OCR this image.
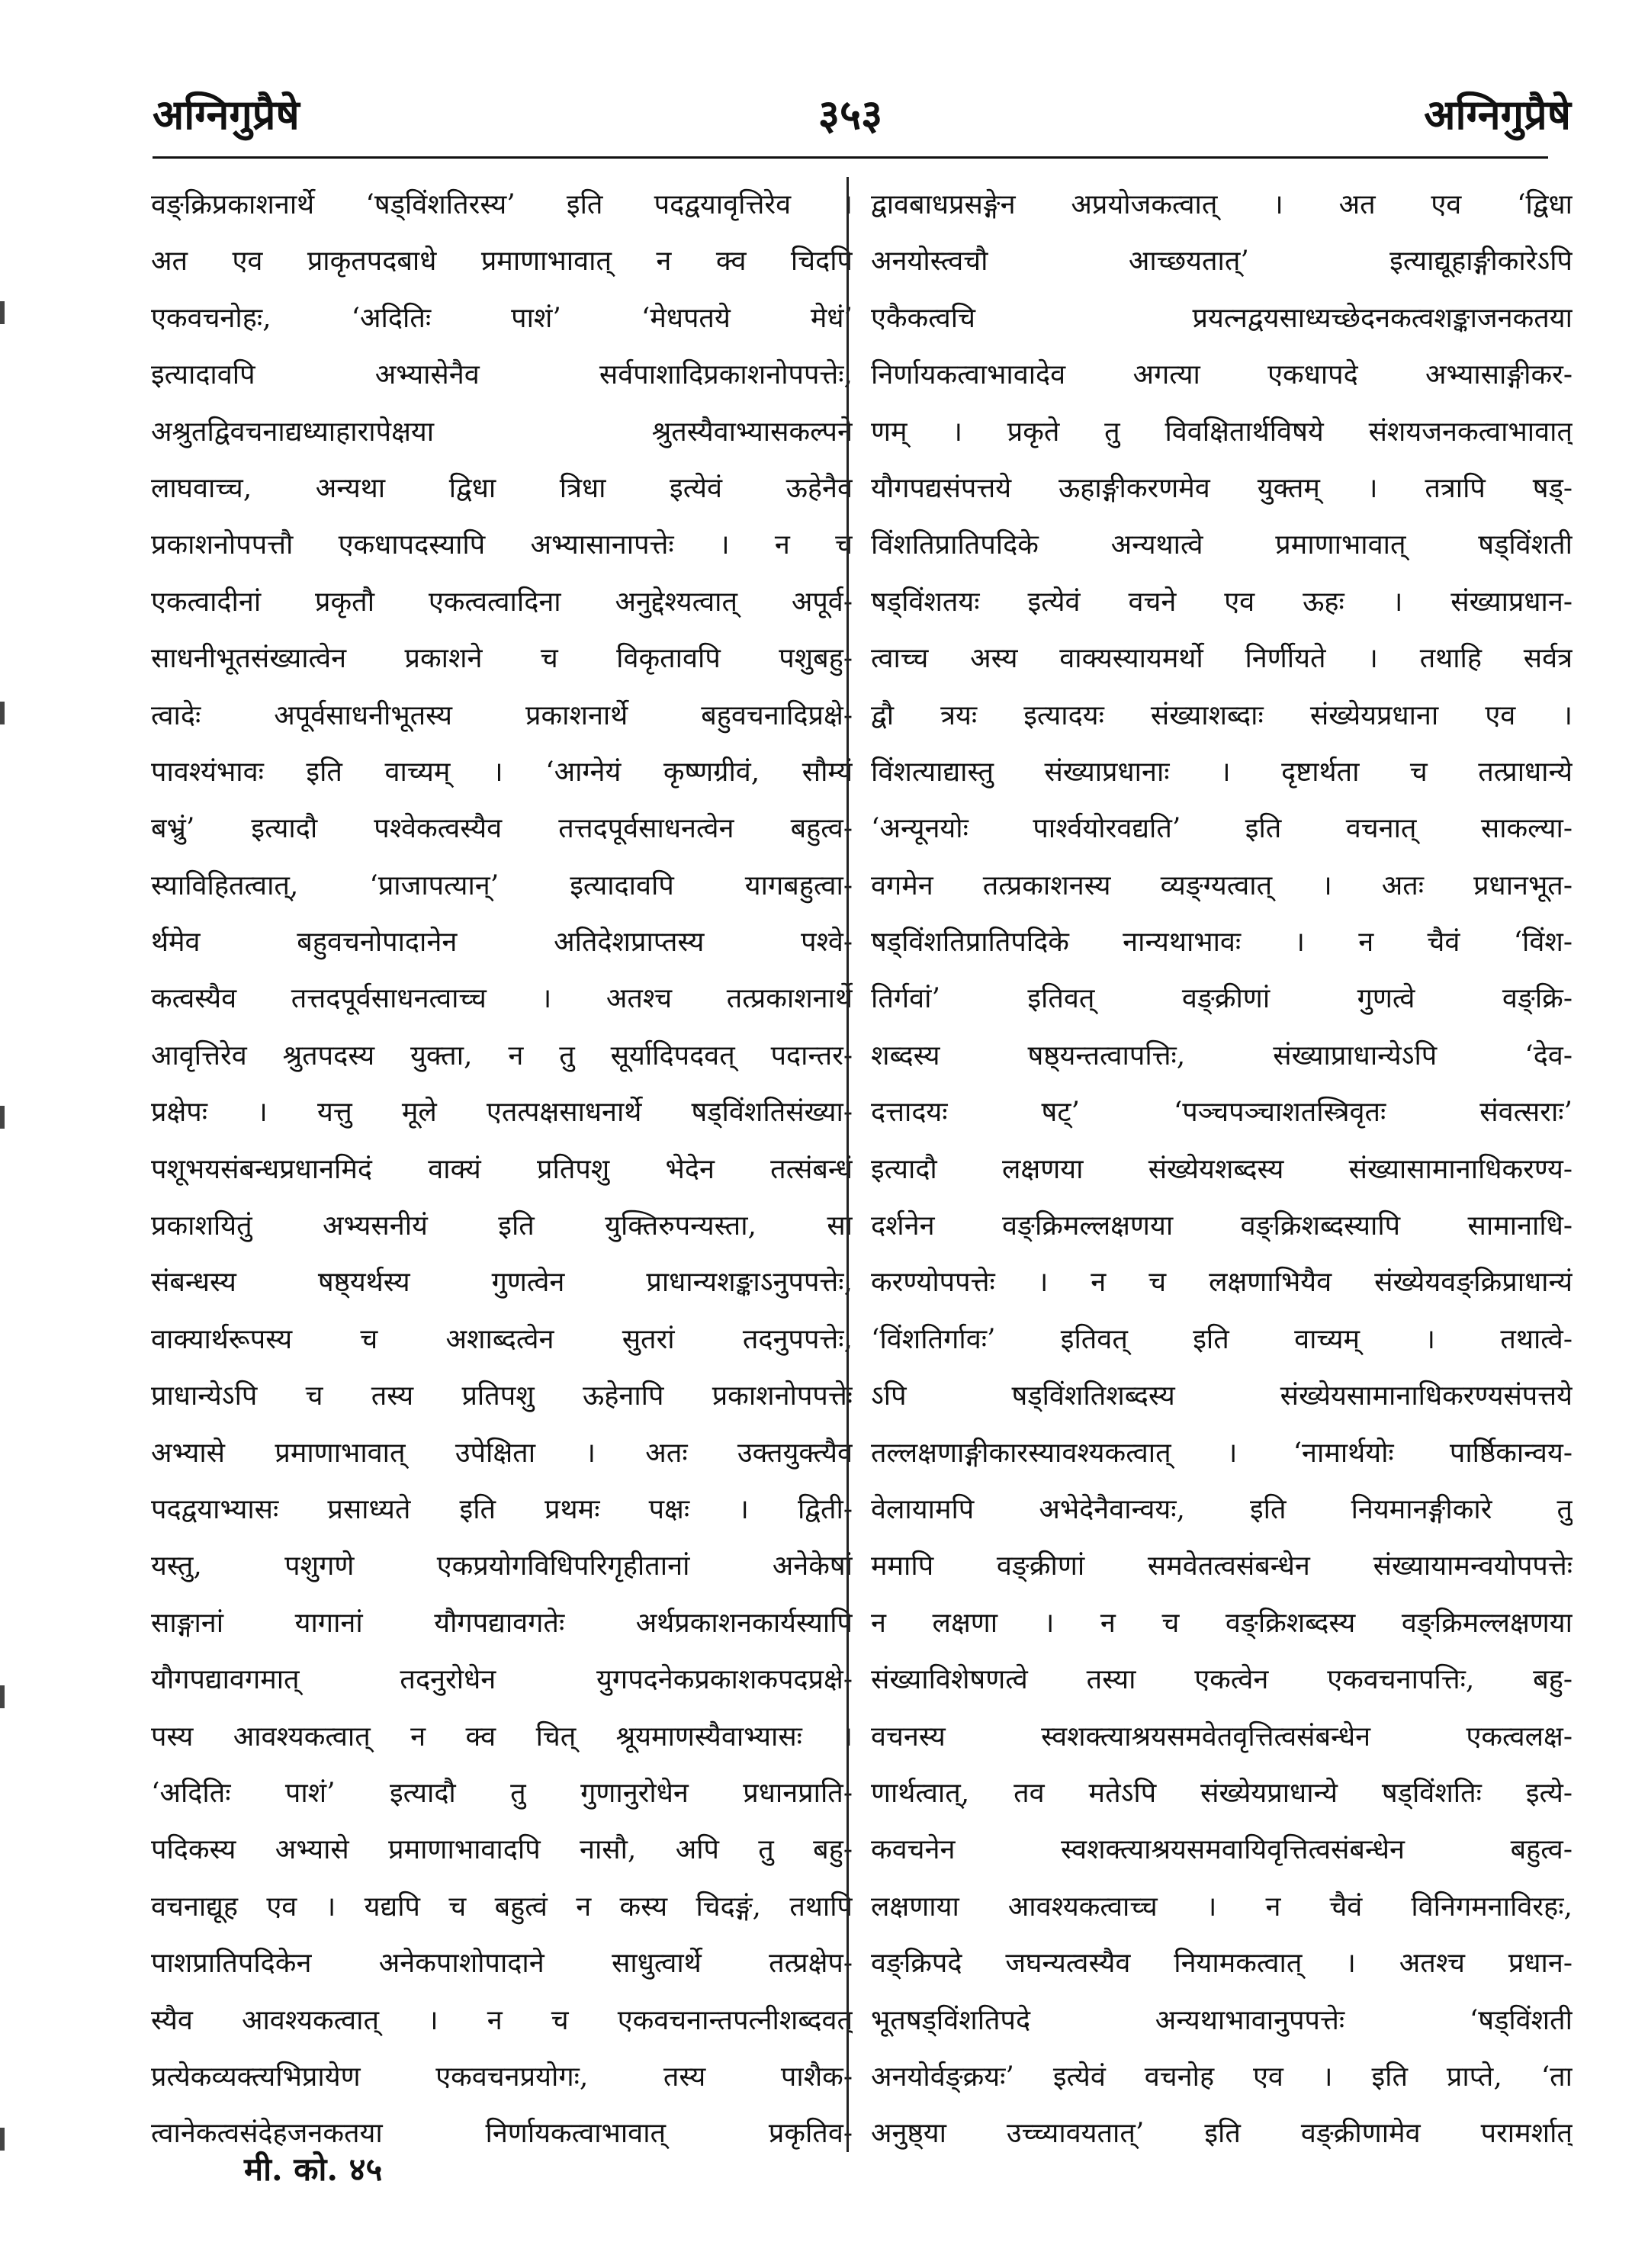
अग्निगुप्रैषे	३५३	अग्निगुप्रैषे
वङ्क्रिप्रकाशनार्थे ‘षड्विंशतिरस्य’ इति पदद्वयावृत्तिरेव ।
अत एव प्राकृतपदबाधे प्रमाणाभावात् न क्व चिदपि
एकवचनोहः, ‘अदितिः पाशं’ ‘मेधपतये मेधं’
इत्यादावपि अभ्यासेनैव सर्वपाशादिप्रकाशनोपपत्तेः,
अश्रुतद्विवचनाद्यध्याहारापेक्षया श्रुतस्यैवाभ्यासकल्पने
लाघवाच्च, अन्यथा द्विधा त्रिधा इत्येवं ऊहेनैव
प्रकाशनोपपत्तौ एकधापदस्यापि अभ्यासानापत्तेः । न च
एकत्वादीनां प्रकृतौ एकत्वत्वादिना अनुद्देश्यत्वात् अपूर्व-
साधनीभूतसंख्यात्वेन प्रकाशने च विकृतावपि पशुबहु-
त्वादेः अपूर्वसाधनीभूतस्य प्रकाशनार्थे बहुवचनादिप्रक्षे-
पावश्यंभावः इति वाच्यम् । ‘आग्नेयं कृष्णग्रीवं, सौम्यं
बभ्रुं’ इत्यादौ पश्वेकत्वस्यैव तत्तदपूर्वसाधनत्वेन बहुत्व-
स्याविहितत्वात्, ‘प्राजापत्यान्’ इत्यादावपि यागबहुत्वा-
र्थमेव बहुवचनोपादानेन अतिदेशप्राप्तस्य पश्वे-
कत्वस्यैव तत्तदपूर्वसाधनत्वाच्च । अतश्च तत्प्रकाशनार्थे
आवृत्तिरेव श्रुतपदस्य युक्ता, न तु सूर्यादिपदवत् पदान्तर-
प्रक्षेपः । यत्तु मूले एतत्पक्षसाधनार्थे षड्विंशतिसंख्या-
पशूभयसंबन्धप्रधानमिदं वाक्यं प्रतिपशु भेदेन तत्संबन्धं
प्रकाशयितुं अभ्यसनीयं इति युक्तिरुपन्यस्ता, सा
संबन्धस्य षष्ठ्यर्थस्य गुणत्वेन प्राधान्यशङ्काऽनुपपत्तेः,
वाक्यार्थरूपस्य च अशाब्दत्वेन सुतरां तदनुपपत्तेः,
प्राधान्येऽपि च तस्य प्रतिपशु ऊहेनापि प्रकाशनोपपत्तेः
अभ्यासे प्रमाणाभावात् उपेक्षिता । अतः उक्तयुक्त्यैव
पदद्वयाभ्यासः प्रसाध्यते इति प्रथमः पक्षः । द्विती-
यस्तु, पशुगणे एकप्रयोगविधिपरिगृहीतानां अनेकेषां
साङ्गानां यागानां यौगपद्यावगतेः अर्थप्रकाशनकार्यस्यापि
यौगपद्यावगमात् तदनुरोधेन युगपदनेकप्रकाशकपदप्रक्षे-
पस्य आवश्यकत्वात् न क्व चित् श्रूयमाणस्यैवाभ्यासः ।
‘अदितिः पाशं’ इत्यादौ तु गुणानुरोधेन प्रधानप्राति-
पदिकस्य अभ्यासे प्रमाणाभावादपि नासौ, अपि तु बहु-
वचनाद्यूह एव । यद्यपि च बहुत्वं न कस्य चिदङ्गं, तथापि
पाशप्रातिपदिकेन अनेकपाशोपादाने साधुत्वार्थे तत्प्रक्षेप-
स्यैव आवश्यकत्वात् । न च एकवचनान्तपत्नीशब्दवत्
प्रत्येकव्यक्त्यभिप्रायेण एकवचनप्रयोगः, तस्य पाशैक-
त्वानेकत्वसंदेहजनकतया निर्णायकत्वाभावात् प्रकृतिव-
द्वावबाधप्रसङ्गेन अप्रयोजकत्वात् । अत एव ‘द्विधा
अनयोस्त्वचौ आच्छयतात्’ इत्याद्यूहाङ्गीकारेऽपि
एकैकत्वचि प्रयत्नद्वयसाध्यच्छेदनकत्वशङ्काजनकतया
निर्णायकत्वाभावादेव अगत्या एकधापदे अभ्यासाङ्गीकर-
णम् । प्रकृते तु विवक्षितार्थविषये संशयजनकत्वाभावात्
यौगपद्यसंपत्तये ऊहाङ्गीकरणमेव युक्तम् । तत्रापि षड्-
विंशतिप्रातिपदिके अन्यथात्वे प्रमाणाभावात् षड्विंशती
षड्विंशतयः इत्येवं वचने एव ऊहः । संख्याप्रधान-
त्वाच्च अस्य वाक्यस्यायमर्थो निर्णीयते । तथाहि सर्वत्र
द्वौ त्रयः इत्यादयः संख्याशब्दाः संख्येयप्रधाना एव ।
विंशत्याद्यास्तु संख्याप्रधानाः । दृष्टार्थता च तत्प्राधान्ये
‘अन्यूनयोः पार्श्वयोरवद्यति’ इति वचनात् साकल्या-
वगमेन तत्प्रकाशनस्य व्यङ्ग्यत्वात् । अतः प्रधानभूत-
षड्विंशतिप्रातिपदिके नान्यथाभावः । न चैवं ‘विंश-
तिर्गवां’ इतिवत् वङ्क्रीणां गुणत्वे वङ्क्रि-
शब्दस्य षष्ठ्यन्तत्वापत्तिः, संख्याप्राधान्येऽपि ‘देव-
दत्तादयः षट्’ ‘पञ्चपञ्चाशतस्त्रिवृतः संवत्सराः’
इत्यादौ लक्षणया संख्येयशब्दस्य संख्यासामानाधिकरण्य-
दर्शनेन वङ्क्रिमल्लक्षणया वङ्क्रिशब्दस्यापि सामानाधि-
करण्योपपत्तेः । न च लक्षणाभियैव संख्येयवङ्क्रिप्राधान्यं
‘विंशतिर्गावः’ इतिवत् इति वाच्यम् । तथात्वे-
ऽपि षड्विंशतिशब्दस्य संख्येयसामानाधिकरण्यसंपत्तये
तल्लक्षणाङ्गीकारस्यावश्यकत्वात् । ‘नामार्थयोः पार्ष्ठिकान्वय-
वेलायामपि अभेदेनैवान्वयः, इति नियमानङ्गीकारे तु
ममापि वङ्क्रीणां समवेतत्वसंबन्धेन संख्यायामन्वयोपपत्तेः
न लक्षणा । न च वङ्क्रिशब्दस्य वङ्क्रिमल्लक्षणया
संख्याविशेषणत्वे तस्या एकत्वेन एकवचनापत्तिः, बहु-
वचनस्य स्वशक्त्याश्रयसमवेतवृत्तित्वसंबन्धेन एकत्वलक्ष-
णार्थत्वात्, तव मतेऽपि संख्येयप्राधान्ये षड्विंशतिः इत्ये-
कवचनेन स्वशक्त्याश्रयसमवायिवृत्तित्वसंबन्धेन बहुत्व-
लक्षणाया आवश्यकत्वाच्च । न चैवं विनिगमनाविरहः,
वङ्क्रिपदे जघन्यत्वस्यैव नियामकत्वात् । अतश्च प्रधान-
भूतषड्विंशतिपदे अन्यथाभावानुपपत्तेः ‘षड्विंशती
अनयोर्वङ्क्रयः’ इत्येवं वचनोह एव । इति प्राप्ते, ‘ता
अनुष्ठ्या उच्च्यावयतात्’ इति वङ्क्रीणामेव परामर्शात्
मी. को. ४५
